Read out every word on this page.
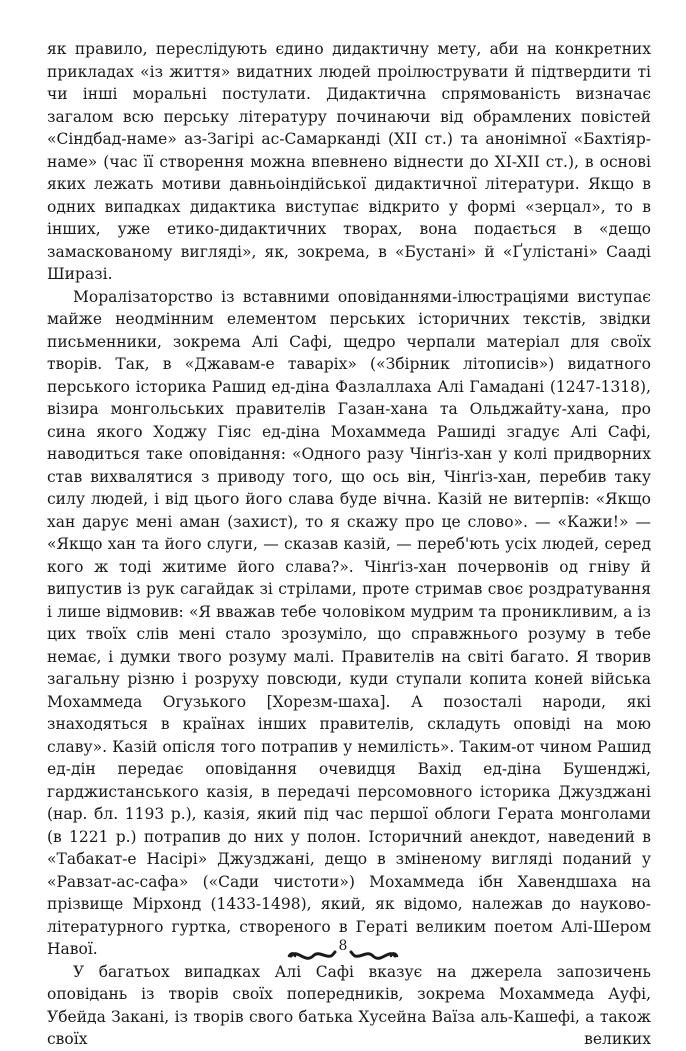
як правило, переслідують єдино дидактичну мету, аби на конкретних прикладах «із життя» видатних людей проілюструвати й підтвердити ті чи інші моральні постулати. Дидактична спрямованість визначає загалом всю перську літературу починаючи від обрамлених повістей «Сіндбад-наме» аз-Загірі ас-Самарканді (XII ст.) та анонімної «Бахтіяр-наме» (час її створення можна впевнено віднести до XI-XII ст.), в основі яких лежать мотиви давньоіндійської дидактичної літератури. Якщо в одних випадках дидактика виступає відкрито у формі «зерцал», то в інших, уже етико-дидактичних творах, вона подається в «дещо замаскованому вигляді», як, зокрема, в «Бустані» й «Ґулістані» Сааді Ширазі.

Моралізаторство із вставними оповіданнями-ілюстраціями виступає майже неодмінним елементом перських історичних текстів, звідки письменники, зокрема Алі Сафі, щедро черпали матеріал для своїх творів. Так, в «Джавам-е таваріх» («Збірник літописів») видатного перського історика Рашид ед-діна Фазлаллаха Алі Гамадані (1247-1318), візира монгольських правителів Газан-хана та Ольджайту-хана, про сина якого Ходжу Гіяс ед-діна Мохаммеда Рашиді згадує Алі Сафі, наводиться таке оповідання: «Одного разу Чінґіз-хан у колі придворних став вихвалятися з приводу того, що ось він, Чінґіз-хан, перебив таку силу людей, і від цього його слава буде вічна. Казій не витерпів: «Якщо хан дарує мені аман (захист), то я скажу про це слово». — «Кажи!» — «Якщо хан та його слуги, — сказав казій, — переб'ють усіх людей, серед кого ж тоді житиме його слава?». Чінґіз-хан почервонів од гніву й випустив із рук сагайдак зі стрілами, проте стримав своє роздратування і лише відмовив: «Я вважав тебе чоловіком мудрим та проникливим, а із цих твоїх слів мені стало зрозуміло, що справжнього розуму в тебе немає, і думки твого розуму малі. Правителів на світі багато. Я творив загальну різню і розруху повсюди, куди ступали копита коней війська Мохаммеда Огузького [Хорезм-шаха]. А позосталі народи, які знаходяться в країнах інших правителів, складуть оповіді на мою славу». Казій опісля того потрапив у немилість». Таким-от чином Рашид ед-дін передає оповідання очевидця Вахід ед-діна Бушенджі, гарджистанського казія, в передачі персомовного історика Джузджані (нар. бл. 1193 р.), казія, який під час першої облоги Герата монголами (в 1221 р.) потрапив до них у полон. Історичний анекдот, наведений в «Табакат-е Насірі» Джузджані, дещо в зміненому вигляді поданий у «Равзат-ас-сафа» («Сади чистоти») Мохаммеда ібн Хавендшаха на прізвище Мірхонд (1433-1498), який, як відомо, належав до науково-літературного гуртка, створеного в Гераті великим поетом Алі-Шером Навої.

У багатьох випадках Алі Сафі вказує на джерела запозичень оповідань із творів своїх попередників, зокрема Мохаммеда Ауфі, Убейда Закані, із творів свого батька Хусейна Ваїза аль-Кашефі, а також своїх великих

8
